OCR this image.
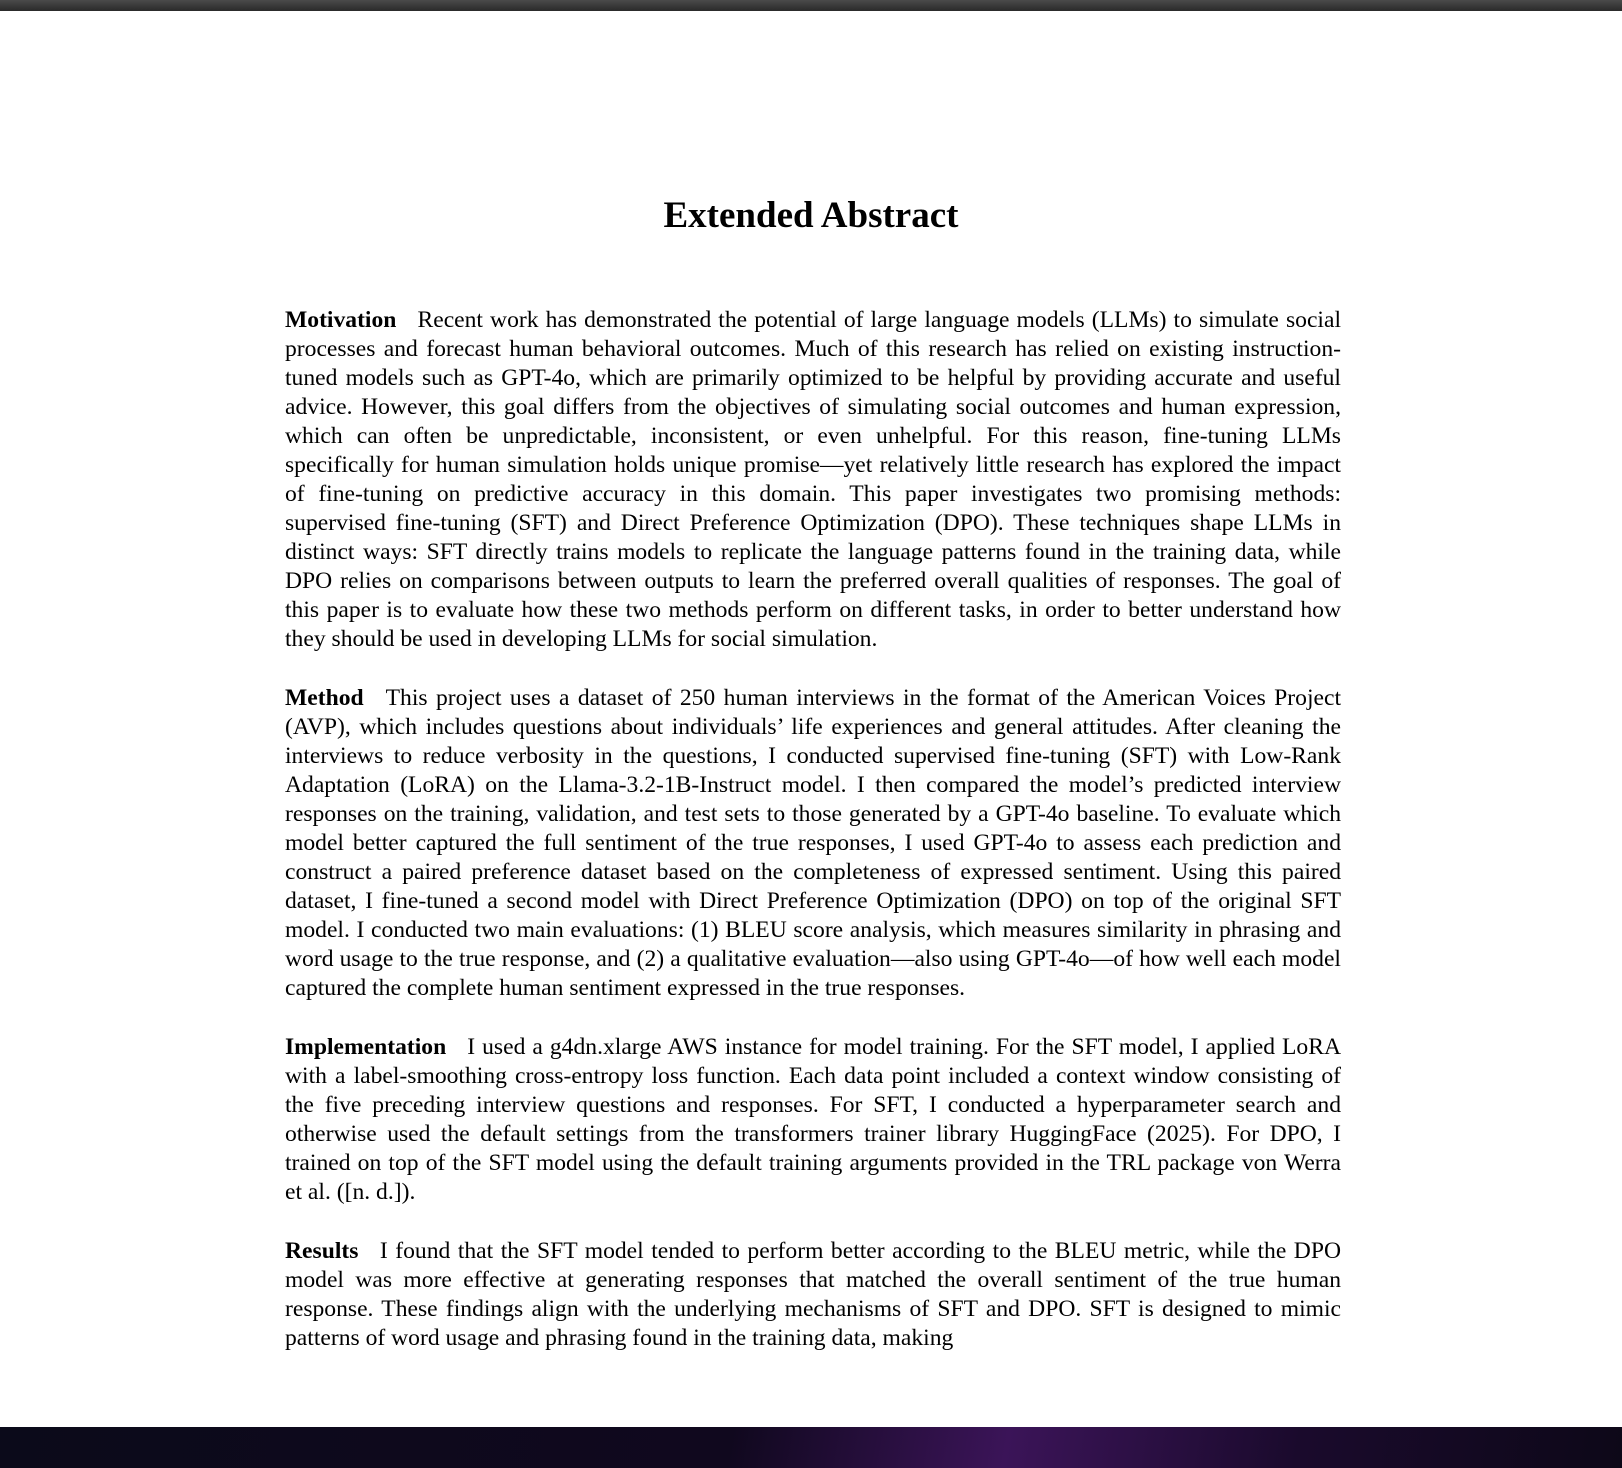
Extended Abstract

Motivation Recent work has demonstrated the potential of large language models (LLMs) to simulate social processes and forecast human behavioral outcomes. Much of this research has relied on existing instruction-tuned models such as GPT-4o, which are primarily optimized to be helpful by providing accurate and useful advice. However, this goal differs from the objectives of simulating social outcomes and human expression, which can often be unpredictable, inconsistent, or even unhelpful. For this reason, fine-tuning LLMs specifically for human simulation holds unique promise—yet relatively little research has explored the impact of fine-tuning on predictive accuracy in this domain. This paper investigates two promising methods: supervised fine-tuning (SFT) and Direct Preference Optimization (DPO). These techniques shape LLMs in distinct ways: SFT directly trains models to replicate the language patterns found in the training data, while DPO relies on comparisons between outputs to learn the preferred overall qualities of responses. The goal of this paper is to evaluate how these two methods perform on different tasks, in order to better understand how they should be used in developing LLMs for social simulation.

Method This project uses a dataset of 250 human interviews in the format of the American Voices Project (AVP), which includes questions about individuals’ life experiences and general attitudes. After cleaning the interviews to reduce verbosity in the questions, I conducted supervised fine-tuning (SFT) with Low-Rank Adaptation (LoRA) on the Llama-3.2-1B-Instruct model. I then compared the model’s predicted interview responses on the training, validation, and test sets to those generated by a GPT-4o baseline. To evaluate which model better captured the full sentiment of the true responses, I used GPT-4o to assess each prediction and construct a paired preference dataset based on the completeness of expressed sentiment. Using this paired dataset, I fine-tuned a second model with Direct Preference Optimization (DPO) on top of the original SFT model. I conducted two main evaluations: (1) BLEU score analysis, which measures similarity in phrasing and word usage to the true response, and (2) a qualitative evaluation—also using GPT-4o—of how well each model captured the complete human sentiment expressed in the true responses.

Implementation I used a g4dn.xlarge AWS instance for model training. For the SFT model, I applied LoRA with a label-smoothing cross-entropy loss function. Each data point included a context window consisting of the five preceding interview questions and responses. For SFT, I conducted a hyperparameter search and otherwise used the default settings from the transformers trainer library HuggingFace (2025). For DPO, I trained on top of the SFT model using the default training arguments provided in the TRL package von Werra et al. ([n. d.]).

Results I found that the SFT model tended to perform better according to the BLEU metric, while the DPO model was more effective at generating responses that matched the overall sentiment of the true human response. These findings align with the underlying mechanisms of SFT and DPO. SFT is designed to mimic patterns of word usage and phrasing found in the training data, making
